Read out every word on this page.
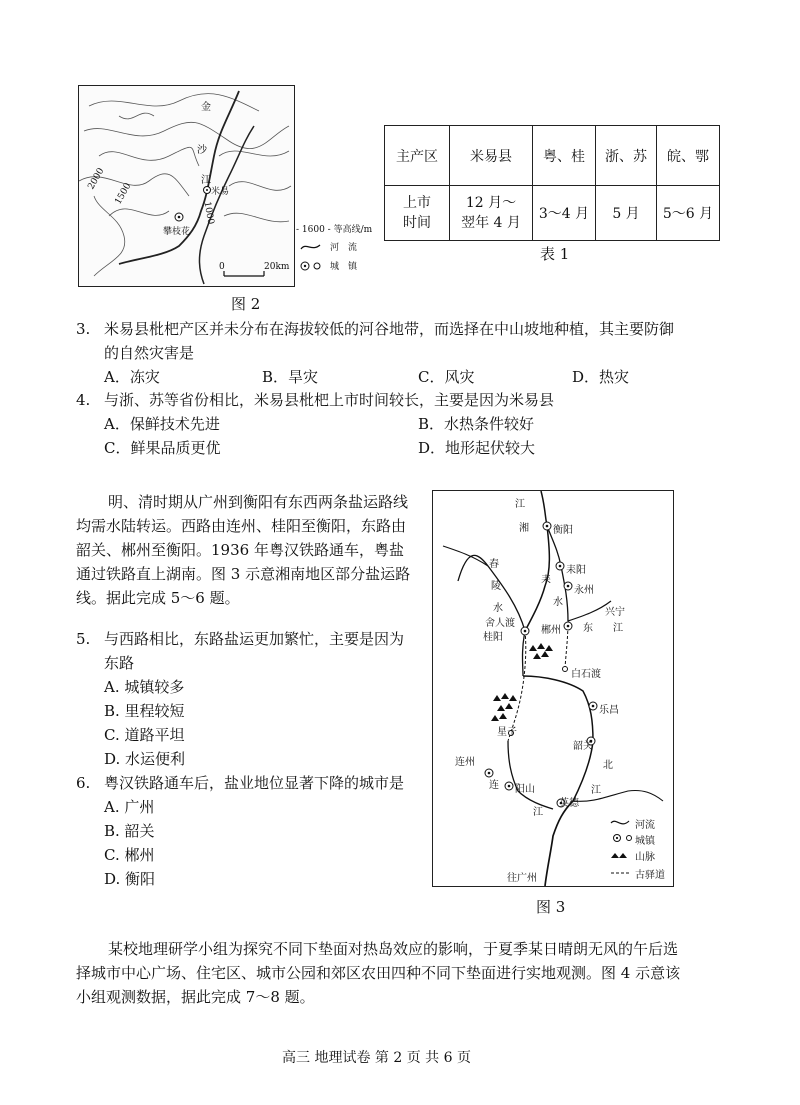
金
沙
江
2000
1500
1000
米易
攀枝花
0	20km
- 1600 - 等高线/m
河　流
城　镇
图 2
主产区	米易县	粤、桂	浙、苏	皖、鄂
上市时间	12 月～翌年 4 月	3～4 月	5 月	5～6 月
表 1
3. 米易县枇杷产区并未分布在海拔较低的河谷地带，而选择在中山坡地种植，其主要防御
的自然灾害是
A．冻灾	B．旱灾	C．风灾	D．热灾
4. 与浙、苏等省份相比，米易县枇杷上市时间较长，主要是因为米易县
A．保鲜技术先进	B．水热条件较好
C．鲜果品质更优	D．地形起伏较大
明、清时期从广州到衡阳有东西两条盐运路线
均需水陆转运。西路由连州、桂阳至衡阳，东路由
韶关、郴州至衡阳。1936 年粤汉铁路通车，粤盐
通过铁路直上湖南。图 3 示意湘南地区部分盐运路
线。据此完成 5～6 题。
5. 与西路相比，东路盐运更加繁忙，主要是因为
东路
A. 城镇较多
B. 里程较短
C. 道路平坦
D. 水运便利
6. 粤汉铁路通车后，盐业地位显著下降的城市是
A. 广州
B. 韶关
C. 郴州
D. 衡阳
江
湘 衡阳
舂
陵
水
耒阳
耒
水
永州
兴宁
舍人渡
桂阳
郴州 东 江
白石渡
乐昌
星子
韶关
北
江
连州
连 阳山
江
英德
往广州
河流
城镇
山脉
古驿道
图 3
某校地理研学小组为探究不同下垫面对热岛效应的影响，于夏季某日晴朗无风的午后选
择城市中心广场、住宅区、城市公园和郊区农田四种不同下垫面进行实地观测。图 4 示意该
小组观测数据，据此完成 7～8 题。
高三 地理试卷 第 2 页 共 6 页
